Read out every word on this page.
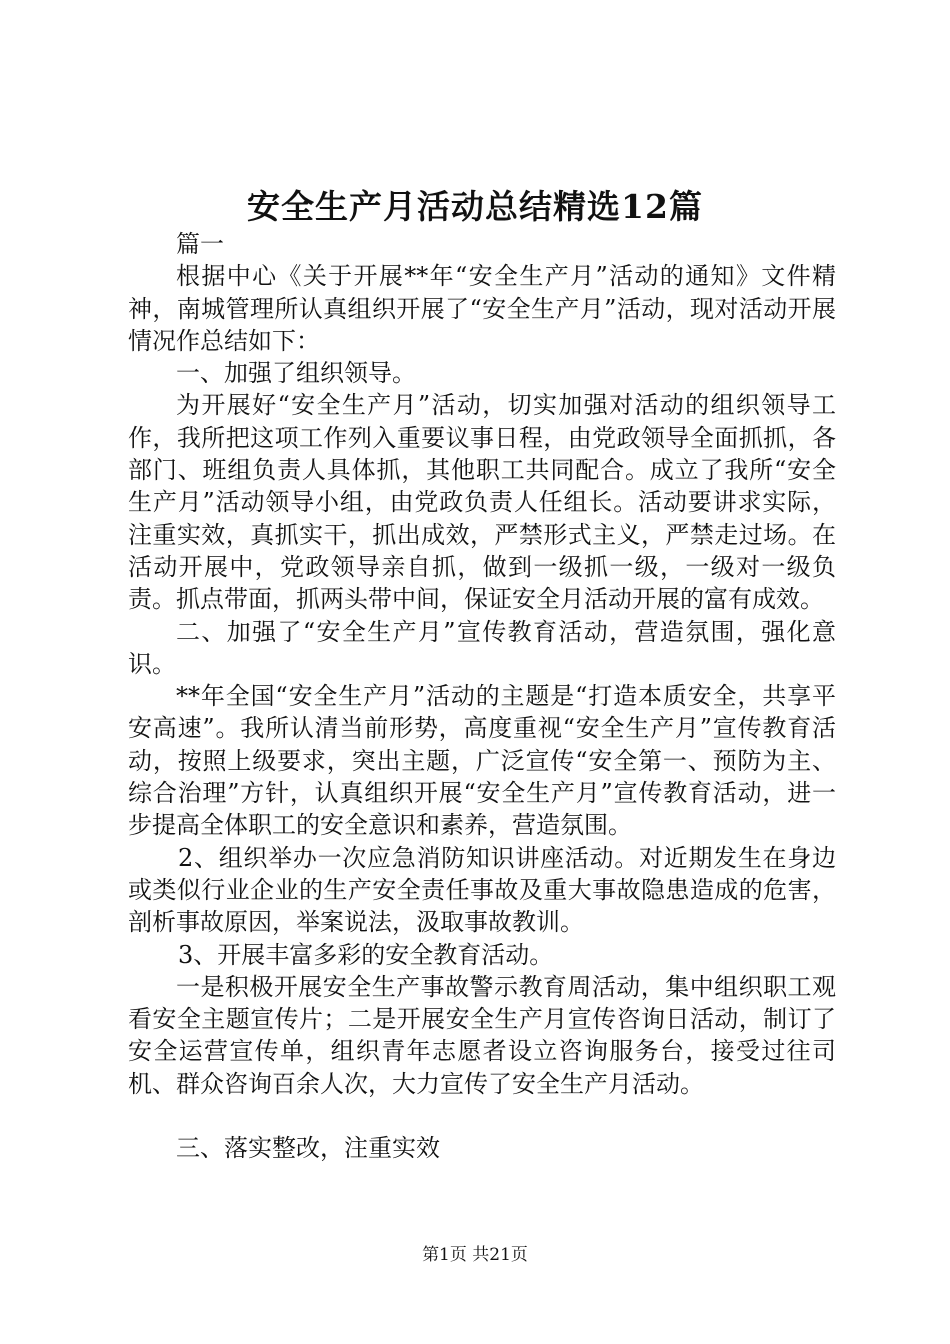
安全生产月活动总结精选12篇

篇一

根据中心《关于开展**年“安全生产月”活动的通知》文件精神，南城管理所认真组织开展了“安全生产月”活动，现对活动开展情况作总结如下：

一、加强了组织领导。

为开展好“安全生产月”活动，切实加强对活动的组织领导工作，我所把这项工作列入重要议事日程，由党政领导全面抓抓，各部门、班组负责人具体抓，其他职工共同配合。成立了我所“安全生产月”活动领导小组，由党政负责人任组长。活动要讲求实际，注重实效，真抓实干，抓出成效，严禁形式主义，严禁走过场。在活动开展中，党政领导亲自抓，做到一级抓一级，一级对一级负责。抓点带面，抓两头带中间，保证安全月活动开展的富有成效。

二、加强了“安全生产月”宣传教育活动，营造氛围，强化意识。

**年全国“安全生产月”活动的主题是“打造本质安全，共享平安高速”。我所认清当前形势，高度重视“安全生产月”宣传教育活动，按照上级要求，突出主题，广泛宣传“安全第一、预防为主、综合治理”方针，认真组织开展“安全生产月”宣传教育活动，进一步提高全体职工的安全意识和素养，营造氛围。

2、组织举办一次应急消防知识讲座活动。对近期发生在身边或类似行业企业的生产安全责任事故及重大事故隐患造成的危害，剖析事故原因，举案说法，汲取事故教训。

3、开展丰富多彩的安全教育活动。

一是积极开展安全生产事故警示教育周活动，集中组织职工观看安全主题宣传片；二是开展安全生产月宣传咨询日活动，制订了安全运营宣传单，组织青年志愿者设立咨询服务台，接受过往司机、群众咨询百余人次，大力宣传了安全生产月活动。

三、落实整改，注重实效

第1页 共21页
